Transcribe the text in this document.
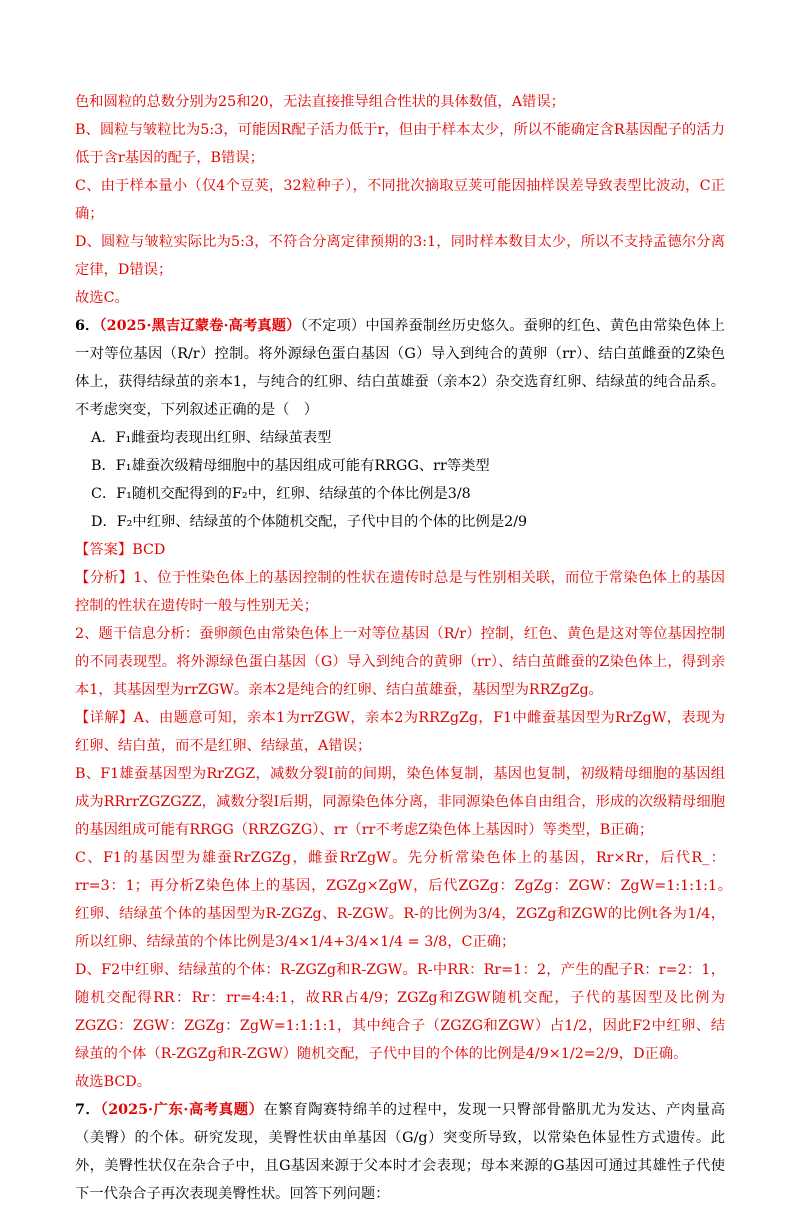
色和圆粒的总数分别为25和20，无法直接推导组合性状的具体数值，A错误；

B、圆粒与皱粒比为5:3，可能因R配子活力低于r，但由于样本太少，所以不能确定含R基因配子的活力低于含r基因的配子，B错误；

C、由于样本量小（仅4个豆荚，32粒种子），不同批次摘取豆荚可能因抽样误差导致表型比波动，C正确；

D、圆粒与皱粒实际比为5:3，不符合分离定律预期的3:1，同时样本数目太少，所以不支持孟德尔分离定律，D错误；

故选C。

6．（2025·黑吉辽蒙卷·高考真题）（不定项）中国养蚕制丝历史悠久。蚕卵的红色、黄色由常染色体上一对等位基因（R/r）控制。将外源绿色蛋白基因（G）导入到纯合的黄卵（rr）、结白茧雌蚕的Z染色体上，获得结绿茧的亲本1，与纯合的红卵、结白茧雄蚕（亲本2）杂交选育红卵、结绿茧的纯合品系。不考虑突变，下列叙述正确的是（　）

A．F₁雌蚕均表现出红卵、结绿茧表型

B．F₁雄蚕次级精母细胞中的基因组成可能有RRGG、rr等类型

C．F₁随机交配得到的F₂中，红卵、结绿茧的个体比例是3/8

D．F₂中红卵、结绿茧的个体随机交配，子代中目的个体的比例是2/9

【答案】BCD

【分析】1、位于性染色体上的基因控制的性状在遗传时总是与性别相关联，而位于常染色体上的基因控制的性状在遗传时一般与性别无关；

2、题干信息分析：蚕卵颜色由常染色体上一对等位基因（R/r）控制，红色、黄色是这对等位基因控制的不同表现型。将外源绿色蛋白基因（G）导入到纯合的黄卵（rr）、结白茧雌蚕的Z染色体上，得到亲本1，其基因型为rrZGW。亲本2是纯合的红卵、结白茧雄蚕，基因型为RRZgZg。

【详解】A、由题意可知，亲本1为rrZGW，亲本2为RRZgZg，F1中雌蚕基因型为RrZgW，表现为红卵、结白茧，而不是红卵、结绿茧，A错误；

B、F1雄蚕基因型为RrZGZ，减数分裂Ⅰ前的间期，染色体复制，基因也复制，初级精母细胞的基因组成为RRrrZGZGZZ，减数分裂Ⅰ后期，同源染色体分离，非同源染色体自由组合，形成的次级精母细胞的基因组成可能有RRGG（RRZGZG）、rr（rr不考虑Z染色体上基因时）等类型，B正确；

C、F1的基因型为雄蚕RrZGZg，雌蚕RrZgW。先分析常染色体上的基因，Rr×Rr，后代R_：rr=3：1；再分析Z染色体上的基因，ZGZg×ZgW，后代ZGZg：ZgZg：ZGW：ZgW=1:1:1:1。　红卵、结绿茧个体的基因型为R-ZGZg、R-ZGW。R-的比例为3/4，ZGZg和ZGW的比例t各为1/4，所以红卵、结绿茧的个体比例是3/4×1/4+3/4×1/4 = 3/8，C正确；

D、F2中红卵、结绿茧的个体：R-ZGZg和R-ZGW。R-中RR：Rr=1：2，产生的配子R：r=2：1，随机交配得RR：Rr：rr=4:4:1，故RR占4/9；ZGZg和ZGW随机交配，子代的基因型及比例为ZGZG：ZGW：ZGZg：ZgW=1:1:1:1，其中纯合子（ZGZG和ZGW）占1/2，因此F2中红卵、结绿茧的个体（R-ZGZg和R-ZGW）随机交配，子代中目的个体的比例是4/9×1/2=2/9，D正确。

故选BCD。

7．（2025·广东·高考真题）在繁育陶赛特绵羊的过程中，发现一只臀部骨骼肌尤为发达、产肉量高（美臀）的个体。研究发现，美臀性状由单基因（G/g）突变所导致，以常染色体显性方式遗传。此外，美臀性状仅在杂合子中，且G基因来源于父本时才会表现；母本来源的G基因可通过其雄性子代使下一代杂合子再次表现美臀性状。回答下列问题：
